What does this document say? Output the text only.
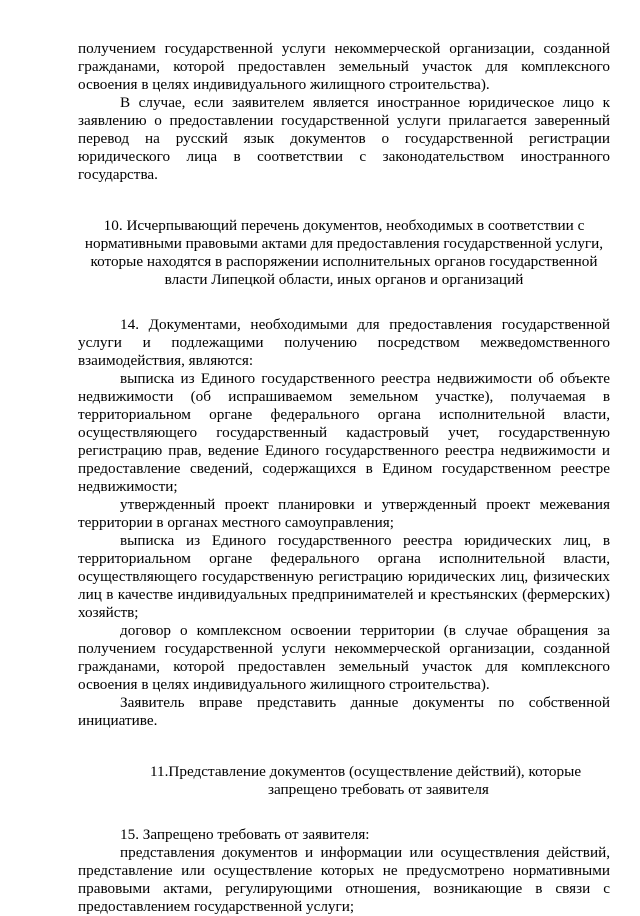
получением государственной услуги некоммерческой организации, созданной гражданами, которой предоставлен земельный участок для комплексного освоения в целях индивидуального жилищного строительства).

В случае, если заявителем является иностранное юридическое лицо к заявлению о предоставлении государственной услуги прилагается заверенный перевод на русский язык документов о государственной регистрации юридического лица в соответствии с законодательством иностранного государства.

10. Исчерпывающий перечень документов, необходимых в соответствии с нормативными правовыми актами для предоставления государственной услуги, которые находятся в распоряжении исполнительных органов государственной власти Липецкой области, иных органов и организаций

14. Документами, необходимыми для предоставления государственной услуги и подлежащими получению посредством межведомственного взаимодействия, являются:

выписка из Единого государственного реестра недвижимости об объекте недвижимости (об испрашиваемом земельном участке), получаемая в территориальном органе федерального органа исполнительной власти, осуществляющего государственный кадастровый учет, государственную регистрацию прав, ведение Единого государственного реестра недвижимости и предоставление сведений, содержащихся в Едином государственном реестре недвижимости;

утвержденный проект планировки и утвержденный проект межевания территории в органах местного самоуправления;

выписка из Единого государственного реестра юридических лиц, в территориальном органе федерального органа исполнительной власти, осуществляющего государственную регистрацию юридических лиц, физических лиц в качестве индивидуальных предпринимателей и крестьянских (фермерских) хозяйств;

договор о комплексном освоении территории (в случае обращения за получением государственной услуги некоммерческой организации, созданной гражданами, которой предоставлен земельный участок для комплексного освоения в целях индивидуального жилищного строительства).

Заявитель вправе представить данные документы по собственной инициативе.

11.Представление документов (осуществление действий), которые
запрещено требовать от заявителя

15. Запрещено требовать от заявителя:

представления документов и информации или осуществления действий, представление или осуществление которых не предусмотрено нормативными правовыми актами, регулирующими отношения, возникающие в связи с предоставлением государственной услуги;
